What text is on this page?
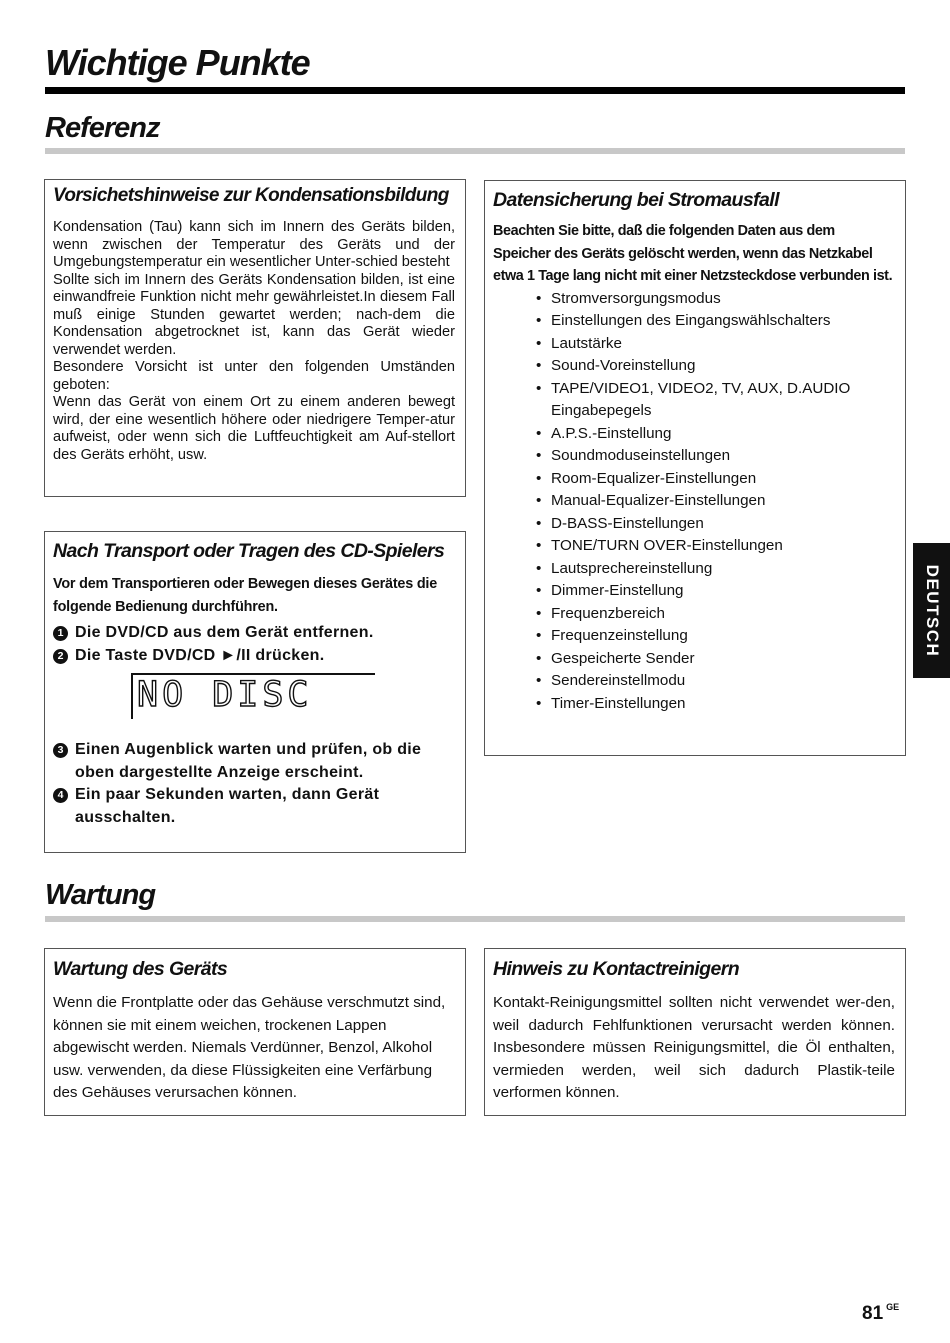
Wichtige Punkte
Referenz

Vorsichetshinweise zur Kondensationsbildung

Kondensation (Tau) kann sich im Innern des Geräts bilden, wenn zwischen der Temperatur des Geräts und der Umgebungstemperatur ein wesentlicher Unter-schied besteht

Sollte sich im Innern des Geräts Kondensation bilden, ist eine einwandfreie Funktion nicht mehr gewährleistet.In diesem Fall muß einige Stunden gewartet werden; nach-dem die Kondensation abgetrocknet ist, kann das Gerät wieder verwendet werden.

Besondere Vorsicht ist unter den folgenden Umständen geboten:

Wenn das Gerät von einem Ort zu einem anderen bewegt wird, der eine wesentlich höhere oder niedrigere Temper-atur aufweist, oder wenn sich die Luftfeuchtigkeit am Auf-stellort des Geräts erhöht, usw.

Nach Transport oder Tragen des CD-Spielers

Vor dem Transportieren oder Bewegen dieses Gerätes die folgende Bedienung durchführen.

1 Die DVD/CD aus dem Gerät entfernen.
2 Die Taste DVD/CD ►/II drücken.
NO DISC
3 Einen Augenblick warten und prüfen, ob die oben dargestellte Anzeige erscheint.
4 Ein paar Sekunden warten, dann Gerät ausschalten.

Datensicherung bei Stromausfall

Beachten Sie bitte, daß die folgenden Daten aus dem Speicher des Geräts gelöscht werden, wenn das Netzkabel etwa 1 Tage lang nicht mit einer Netzsteckdose verbunden ist.

• Stromversorgungsmodus
• Einstellungen des Eingangswählschalters
• Lautstärke
• Sound-Voreinstellung
• TAPE/VIDEO1, VIDEO2, TV, AUX, D.AUDIO Eingabepegels
• A.P.S.-Einstellung
• Soundmoduseinstellungen
• Room-Equalizer-Einstellungen
• Manual-Equalizer-Einstellungen
• D-BASS-Einstellungen
• TONE/TURN OVER-Einstellungen
• Lautsprechereinstellung
• Dimmer-Einstellung
• Frequenzbereich
• Frequenzeinstellung
• Gespeicherte Sender
• Sendereinstellmodu
• Timer-Einstellungen
Wartung

Wartung des Geräts

Wenn die Frontplatte oder das Gehäuse verschmutzt sind, können sie mit einem weichen, trockenen Lappen abgewischt werden. Niemals Verdünner, Benzol, Alkohol usw. verwenden, da diese Flüssigkeiten eine Verfärbung des Gehäuses verursachen können.

Hinweis zu Kontactreinigern

Kontakt-Reinigungsmittel sollten nicht verwendet wer-den, weil dadurch Fehlfunktionen verursacht werden können. Insbesondere müssen Reinigungsmittel, die Öl enthalten, vermieden werden, weil sich dadurch Plastik-teile verformen können.

DEUTSCH
81 $^{GE}$
